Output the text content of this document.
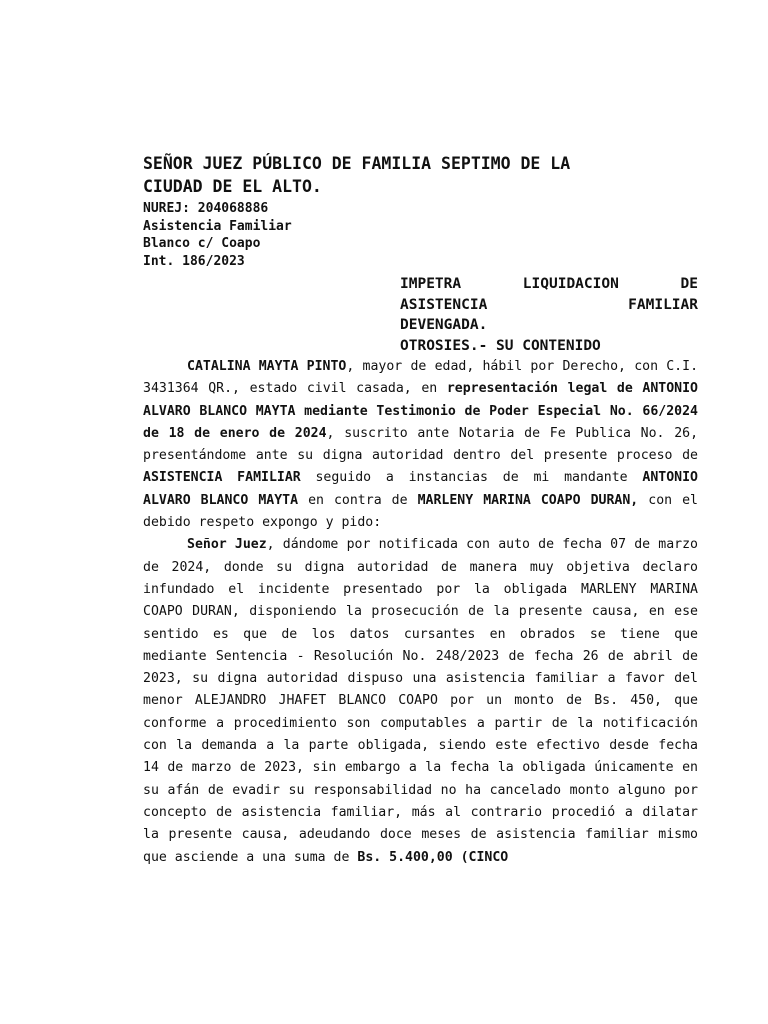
SEÑOR JUEZ PÚBLICO DE FAMILIA SEPTIMO DE LA
CIUDAD DE EL ALTO.
NUREJ: 204068886
Asistencia Familiar
Blanco c/ Coapo
Int. 186/2023
IMPETRA LIQUIDACION DE
ASISTENCIA FAMILIAR
DEVENGADA.
OTROSIES.- SU CONTENIDO

CATALINA MAYTA PINTO, mayor de edad, hábil por Derecho, con C.I. 3431364 QR., estado civil casada, en representación legal de ANTONIO ALVARO BLANCO MAYTA mediante Testimonio de Poder Especial No. 66/2024 de 18 de enero de 2024, suscrito ante Notaria de Fe Publica No. 26, presentándome ante su digna autoridad dentro del presente proceso de ASISTENCIA FAMILIAR seguido a instancias de mi mandante ANTONIO ALVARO BLANCO MAYTA en contra de MARLENY MARINA COAPO DURAN, con el debido respeto expongo y pido:

Señor Juez, dándome por notificada con auto de fecha 07 de marzo de 2024, donde su digna autoridad de manera muy objetiva declaro infundado el incidente presentado por la obligada MARLENY MARINA COAPO DURAN, disponiendo la prosecución de la presente causa, en ese sentido es que de los datos cursantes en obrados se tiene que mediante Sentencia - Resolución No. 248/2023 de fecha 26 de abril de 2023, su digna autoridad dispuso una asistencia familiar a favor del menor ALEJANDRO JHAFET BLANCO COAPO por un monto de Bs. 450, que conforme a procedimiento son computables a partir de la notificación con la demanda a la parte obligada, siendo este efectivo desde fecha 14 de marzo de 2023, sin embargo a la fecha la obligada únicamente en su afán de evadir su responsabilidad no ha cancelado monto alguno por concepto de asistencia familiar, más al contrario procedió a dilatar la presente causa, adeudando doce meses de asistencia familiar mismo que asciende a una suma de Bs. 5.400,00 (CINCO
